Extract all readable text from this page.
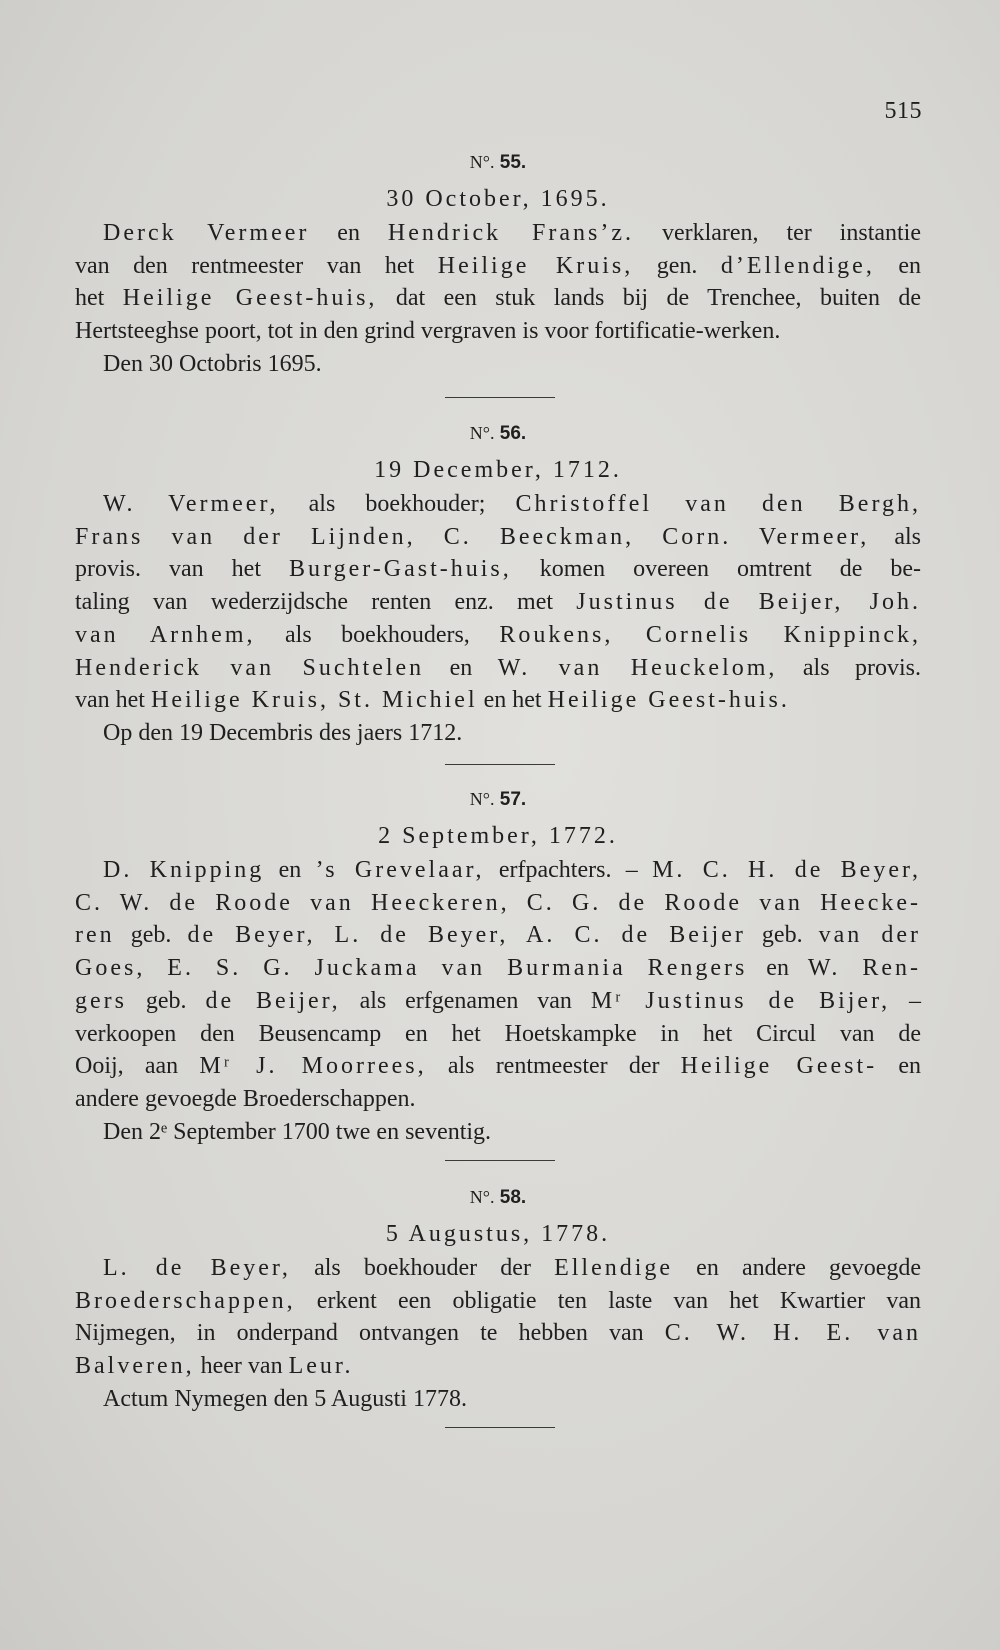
515
N°. 55.
30 October, 1695.
Derck Vermeer en Hendrick Frans’z. verklaren, ter instantie
van den rentmeester van het Heilige Kruis, gen. d’Ellendige, en
het Heilige Geest-huis, dat een stuk lands bij de Trenchee, buiten de
Hertsteeghse poort, tot in den grind vergraven is voor fortificatie-werken.
Den 30 Octobris 1695.
N°. 56.
19 December, 1712.
W. Vermeer, als boekhouder; Christoffel van den Bergh,
Frans van der Lijnden, C. Beeckman, Corn. Vermeer, als
provis. van het Burger-Gast-huis, komen overeen omtrent de be-
taling van wederzijdsche renten enz. met Justinus de Beijer, Joh.
van Arnhem, als boekhouders, Roukens, Cornelis Knippinck,
Henderick van Suchtelen en W. van Heuckelom, als provis.
van het Heilige Kruis, St. Michiel en het Heilige Geest-huis.
Op den 19 Decembris des jaers 1712.
N°. 57.
2 September, 1772.
D. Knipping en ’s Grevelaar, erfpachters. – M. C. H. de Beyer,
C. W. de Roode van Heeckeren, C. G. de Roode van Heecke-
ren geb. de Beyer, L. de Beyer, A. C. de Beijer geb. van der
Goes, E. S. G. Juckama van Burmania Rengers en W. Ren-
gers geb. de Beijer, als erfgenamen van Mʳ Justinus de Bijer, –
verkoopen den Beusencamp en het Hoetskampke in het Circul van de
Ooij, aan Mʳ J. Moorrees, als rentmeester der Heilige Geest- en
andere gevoegde Broederschappen.
Den 2ᵉ September 1700 twe en seventig.
N°. 58.
5 Augustus, 1778.
L. de Beyer, als boekhouder der Ellendige en andere gevoegde
Broederschappen, erkent een obligatie ten laste van het Kwartier van
Nijmegen, in onderpand ontvangen te hebben van C. W. H. E. van
Balveren, heer van Leur.
Actum Nymegen den 5 Augusti 1778.
